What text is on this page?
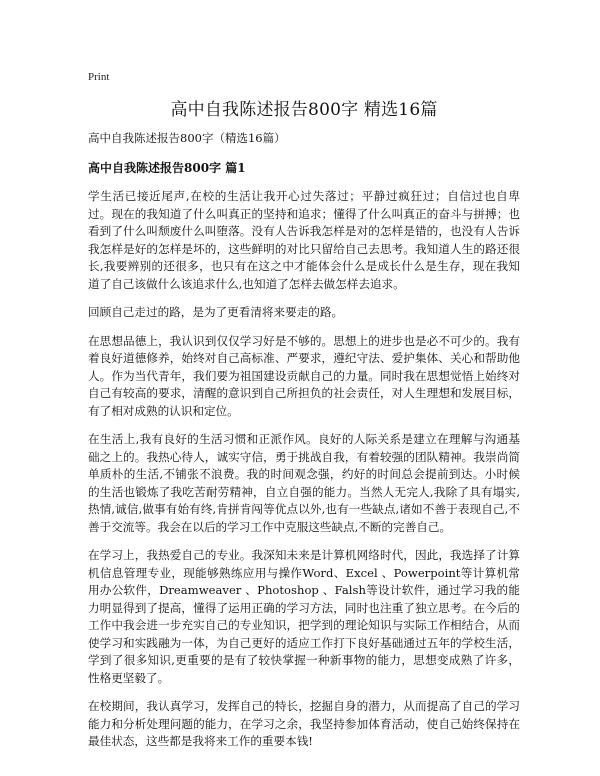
Print
高中自我陈述报告800字 精选16篇

高中自我陈述报告800字（精选16篇）

高中自我陈述报告800字 篇1

学生活已接近尾声,在校的生活让我开心过失落过；平静过疯狂过；自信过也自卑过。现在的我知道了什么叫真正的坚持和追求；懂得了什么叫真正的奋斗与拼搏；也看到了什么叫颓废什么叫堕落。没有人告诉我怎样是对的怎样是错的，也没有人告诉我怎样是好的怎样是坏的，这些鲜明的对比只留给自己去思考。我知道人生的路还很长,我要辨别的还很多，也只有在这之中才能体会什么是成长什么是生存，现在我知道了自己该做什么该追求什么,也知道了怎样去做怎样去追求。

回顾自己走过的路，是为了更看清将来要走的路。

在思想品德上，我认识到仅仅学习好是不够的。思想上的进步也是必不可少的。我有着良好道德修养，始终对自己高标准、严要求，遵纪守法、爱护集体、关心和帮助他人。作为当代青年，我们要为祖国建设贡献自己的力量。同时我在思想觉悟上始终对自己有较高的要求，清醒的意识到自己所担负的社会责任，对人生理想和发展目标，有了相对成熟的认识和定位。

在生活上,我有良好的生活习惯和正派作风。良好的人际关系是建立在理解与沟通基础之上的。我热心待人，诚实守信，勇于挑战自我，有着较强的团队精神。我崇尚简单质朴的生活,不铺张不浪费。我的时间观念强，约好的时间总会提前到达。小时候的生活也锻炼了我吃苦耐劳精神，自立自强的能力。当然人无完人,我除了具有塌实,热情,诚信,做事有始有终,肯拼肯闯等优点以外,也有一些缺点,诸如不善于表现自己,不善于交流等。我会在以后的学习工作中克服这些缺点,不断的完善自己。

在学习上，我热爱自己的专业。我深知未来是计算机网络时代，因此，我选择了计算机信息管理专业，现能够熟练应用与操作Word、Excel 、Powerpoint等计算机常用办公软件，Dreamweaver 、Photoshop 、Falsh等设计软件，通过学习我的能力明显得到了提高，懂得了运用正确的学习方法，同时也注重了独立思考。在今后的工作中我会进一步充实自己的专业知识，把学到的理论知识与实际工作相结合，从而使学习和实践融为一体，为自己更好的适应工作打下良好基础通过五年的学校生活，学到了很多知识,更重要的是有了较快掌握一种新事物的能力，思想变成熟了许多，性格更坚毅了。

在校期间，我认真学习，发挥自己的特长，挖掘自身的潜力，从而提高了自己的学习能力和分析处理问题的能力，在学习之余，我坚持参加体育活动，使自己始终保持在最佳状态，这些都是我将来工作的重要本钱!
